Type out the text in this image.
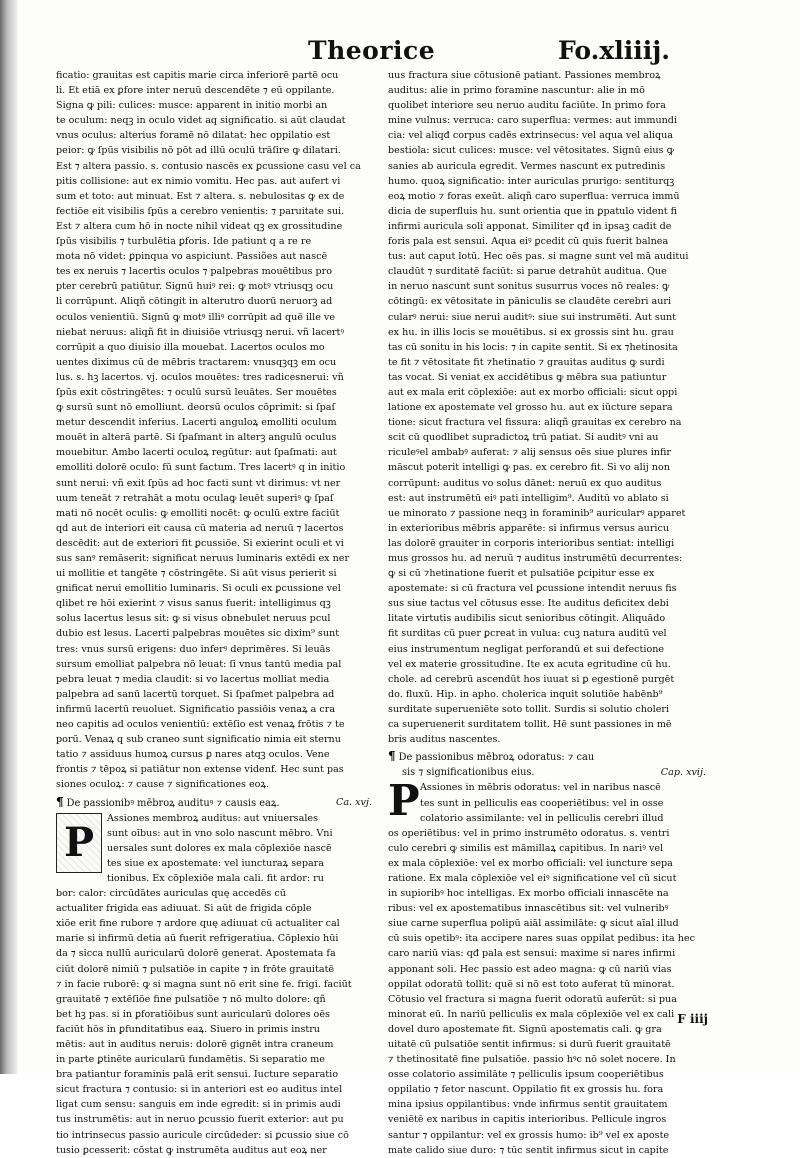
Theorice	Fo.xliiij.
ficatio: grauitas est capitis marie circa inferiorē partē ocu
li. Et etiā ex ꝑfore inter neruū descendēte ⁊ eū oppilante.
Signa ꝙ pili: culices: musce: apparent in initio morbi an
te oculum: neqꝫ in oculo videt aq significatio. si aūt claudat
vnus oculus: alterius foramē nō dilatat: hec oppilatio est
peior: ꝙ ſpūs visibilis nō pōt ad illū oculū trāſire ꝙ dilatari.
Est ⁊ altera passio. s. contusio nascēs ex ꝑcussione casu vel ca
pitis collisione: aut ex nimio vomitu. Hec pas. aut aufert vi
sum et toto: aut minuat. Est ⁊ altera. s. nebulositas ꝙ ex de
fectiōe eit visibilis ſpūs a cerebro venientis: ⁊ paruitate sui.
Est ⁊ altera cum hō in nocte nihil videat qꝫ ex grossitudine
ſpūs visibilis ⁊ turbulētia ꝑforis. Ide patiunt q a re re
mota nō videt: ꝑpinqua vo aspiciunt. Passiões aut nascē
tes ex neruis ⁊ lacertis oculos ⁊ palpebras mouētibus pro
pter cerebrū patiūtur. Signū huiꝰ rei: ꝙ motꝰ vtriusqꝫ ocu
li corrūpunt. Aliqñ cōtingit in alterutro duorū neruorꝫ ad
oculos venientiū. Signū ꝙ motꝰ illiꝰ corrūpit ad quē ille ve
niebat neruus: aliqñ fit in diuisiōe vtriusqꝫ nerui. vñ lacertꝰ
corrūpit a quo diuisio illa mouebat. Lacertos oculos mo
uentes diximus cū de mēbris tractarem: vnusqꝫqꝫ em ocu
lus. s. hꝫ lacertos. vj. oculos mouētes: tres radicesnerui: vñ
ſpūs exit cōstringētes: ⁊ oculū sursū leuātes. Ser mouētes
ꝙ sursū sunt nō emolliunt. deorsū oculos cōprimit: si ſpaſ
metur descendit inferius. Lacerti anguloꝝ emolliti oculum
mouēt in alterā partē. Si ſpaſmant in alterꝫ angulū oculus
mouebitur. Ambo lacerti oculoꝝ regūtur: aut ſpaſmati: aut
emolliti dolorē oculo: fū sunt factum. Tres lacertꝰ q in initio
sunt nerui: vñ exit ſpūs ad hoc facti sunt vt dirimus: vt ner
uum teneāt ⁊ retrahāt a motu oculaꝙ leuēt superiꝰ ꝙ ſpaſ
mati nō nocēt oculis: ꝙ emolliti nocēt: ꝙ oculū extre faciūt
qd aut de interiori eit causa cū materia ad neruū ⁊ lacertos
descēdit: aut de exteriori fit ꝑcussiōe. Si exierint oculi et vi
sus sanꝰ remāserit: significat neruus luminaris extēdi ex ner
ui mollitie et tangēte ⁊ cōstringēte. Si aūt visus perierit si
gnificat nerui emollitio luminaris. Si oculi ex ꝑcussione vel
qlibet re hōi exierint ⁊ visus sanus fuerit: intelligimus qꝫ
solus lacertus lesus sit: ꝙ si visus obnebulet neruus pcul
dubio est lesus. Lacerti palpebras mouētes sic dixim⁹ sunt
tres: vnus sursū erigens: duo inferꝰ deprimēres. Si leuās
sursum emolliat palpebra nō leuat: ſi vnus tantū media pal
pebra leuat ⁊ media claudit: si vo lacertus molliat media
palpebra ad sanū lacertū torquet. Si ſpaſmet palpebra ad
infirmū lacertū reuoluet. Significatio passiōis venaꝝ a cra
neo capitis ad oculos venientiū: extēſio est venaꝝ frōtis ⁊ te
porū. Venaꝝ q sub craneo sunt significatio nimia eit sternu
tatio ⁊ assiduus humoꝝ cursus ꝑ nares atqꝫ oculos. Vene
frontis ⁊ tēpoꝝ si patiātur non extense videnf. Hec sunt pas
siones oculoꝝ: ⁊ cause ⁊ significationes eoꝝ.
¶ De passionibꝰ mēbroꝝ audituꝰ ⁊ causis eaꝝ.	Ca. xvj.
P
Assiones membroꝝ auditus: aut vniuersales
sunt oībus: aut in vno solo nascunt mēbro. Vni
uersales sunt dolores ex mala cōplexiōe nascē
tes siue ex apostemate: vel iuncturaꝝ separa
tionibus. Ex cōplexiōe mala cali. fit ardor: ru
bor: calor: circūdātes auriculas quę accedēs cū
actualiter frigida eas adiuuat. Si aūt de frigida cōple
xiōe erit fine rubore ⁊ ardore quę adiuuat cū actualiter cal
marie si infirmū detia aū fuerit refrigeratiua. Cōplexio hūi
da ⁊ sicca nullū auricularū dolorē generat. Apostemata fa
ciūt dolorē nimiū ⁊ pulsatiōe in capite ⁊ in frōte grauitatē
⁊ in facie ruborē: ꝙ si magna sunt nō erit sine fe. frigi. faciūt
grauitatē ⁊ extēſiōe fine pulsatiōe ⁊ nō multo dolore: qñ
bet hꝫ pas. si in ꝑforatiōibus sunt auricularū dolores oēs
faciūt hōs in ꝑfunditatibus eaꝝ. Siuero in primis instru
mētis: aut in auditus neruis: dolorē gignēt intra craneum
in parte ꝑtinēte auricularū fundamētis. Si separatio me
bra patiantur foraminis palā erit sensui. Iucture separatio
sicut fractura ⁊ contusio: si in anteriori est eo auditus intel
ligat cum sensu: sanguis em inde egredit: si in primis audi
tus instrumētis: aut in neruo ꝑcussio fuerit exterior: aut pu
tio intrinsecus passio auricule circūdeder: si ꝑcussio siue cō
tusio ꝑcesserit: cōstat ꝙ instrumēta auditus aut eoꝝ ner
uus fractura siue cōtusionē patiant. Passiones membroꝝ
auditus: alie in primo foramine nascuntur: alie in mō
quolibet interiore seu neruo auditu faciūte. In primo fora
mine vulnus: verruca: caro superflua: vermes: aut immundi
cia: vel aliqđ corpus cadēs extrinsecus: vel aqua vel aliqua
bestiola: sicut culices: musce: vel vētositates. Signū eius ꝙ
sanies ab auricula egredit. Vermes nascunt ex putredinis
humo. quoꝝ significatio: inter auriculas prurigo: sentiturqꝫ
eoꝝ motio ⁊ foras exeūt. aliqñ caro superflua: verruca immū
dicia de superfluis hu. sunt orientia que in ꝑpatulo vident fi
infirmi auricula soli apponat. Similiter qđ in ipsaꝫ cadit de
foris pala est sensui. Aqua eiꝰ ꝑcedit cū quis fuerit balnea
tus: aut caput lotū. Hec oēs pas. si magne sunt vel mā auditui
claudūt ⁊ surditatē faciūt: si parue detrahūt auditua. Que
in neruo nascunt sunt sonitus susurrus voces nō reales: ꝙ
cōtingū: ex vētositate in pāniculis se claudēte cerebri auri
cularꝰ nerui: siue nerui auditꝰ: siue sui instrumēti. Aut sunt
ex hu. in illis locis se mouētibus. si ex grossis sint hu. grau
tas cū sonitu in his locis: ⁊ in capite sentit. Si ex ⁊hetinosita
te fit ⁊ vētositate fit ⁊hetinatio ⁊ grauitas auditus ꝙ surdi
tas vocat. Si veniat ex accidētibus ꝙ mēbra sua patiuntur
aut ex mala erit cōplexiōe: aut ex morbo officiali: sicut oppi
latione ex apostemate vel grosso hu. aut ex iūcture separa
tione: sicut fractura vel fissura: aliqñ grauitas ex cerebro na
scit cū quodlibet supradictoꝝ trū patiat. Si auditꝰ vni au
riculeꝰel ambabꝰ auferat: ⁊ alij sensus oēs siue plures infir
māscut poterit intelligi ꝙ pas. ex cerebro fit. Si vo alij non
corrūpunt: auditus vo solus dānet: neruū ex quo auditus
est: aut instrumētū eiꝰ pati intelligim⁹. Auditū vo ablato si
ue minorato ⁊ passione neqꝫ in foraminib⁹ auricularꝰ apparet
in exterioribus mēbris apparēte: si infirmus versus auricu
las dolorē grauiter in corporis interioribus sentiat: intelligi
mus grossos hu. ad neruū ⁊ auditus instrumētū decurrentes:
ꝙ si cū ⁊hetinatione fuerit et pulsatiōe ꝑcipitur esse ex
apostemate: si cū fractura vel ꝑcussione intendit neruus fis
sus siue tactus vel cōtusus esse. Ite auditus deficitex debi
litate virtutis audibilis sicut senioribus cōtingit. Aliquādo
fit surditas cū puer ꝑcreat in vulua: cuꝫ natura auditū vel
eius instrumentum negligat perforandū et sui defectione
vel ex materie grossitudine. Ite ex acuta egritudine cū hu.
chole. ad cerebrū ascendūt hos iuuat si ꝑ egestionē purgēt
do. fluxū. Hip. in apho. cholerica inquit solutiōe habēnb⁹
surditate superueniēte soto tollit. Surdis si solutio choleri
ca superuenerit surditatem tollit. Hē sunt passiones in mē
bris auditus nascentes.
¶ De passionibus mēbroꝝ odoratus: ⁊ cau
sis ⁊ significationibus eius.	Cap. xvij.
P Assiones in mēbris odoratus: vel in naribus nascē
tes sunt in pelliculis eas cooperiētibus: vel in osse
colatorio assimilante: vel in pelliculis cerebri illud
os operiētibus: vel in primo instrumēto odoratus. s. ventri
culo cerebri ꝙ similis est māmillaꝝ capitibus. In nariꝰ vel
ex mala cōplexiōe: vel ex morbo officiali: vel iuncture sepa
ratione. Ex mala cōplexiōe vel eiꝰ significatione vel cū sicut
in supioribꝰ hoc intelligas. Ex morbo officiali innascēte na
ribus: vel ex apostematibus innascētibus sit: vel vulneribꝰ
siue carne superflua polipū aiāl assimilāte: ꝙ sicut aīal illud
cū suis opetibꝰ: ita accipere nares suas oppilat pedibus: ita hec
caro nariū vias: qđ pala est sensui: maxime si nares infirmi
apponant soli. Hec passio est adeo magna: ꝙ cū nariū vias
oppilat odoratū tollit: quē si nō est toto auferat tū minorat.
Cōtusio vel fractura si magna fuerit odoratū auferūt: si pua
minorat eū. In nariū pelliculis ex mala cōplexiōe vel ex cali
dovel duro apostemate fit. Signū apostematis cali. ꝙ gra
uitatē cū pulsatiōe sentit infirmus: si durū fuerit grauitatē
⁊ thetinositatē fine pulsatiōe. passio hꝰc nō solet nocere. In
osse colatorio assimilāte ⁊ pelliculis ipsum cooperiētibus
oppilatio ⁊ fetor nascunt. Oppilatio fit ex grossis hu. fora
mina ipsius oppilantibus: vnde infirmus sentit grauitatem
veniētē ex naribus in capitis interioribus. Pellicule ingros
santur ⁊ oppilantur: vel ex grossis humo: ib⁹ vel ex aposte
mate calido siue duro: ⁊ tūc sentit infirmus sicut in capite
F iiij
